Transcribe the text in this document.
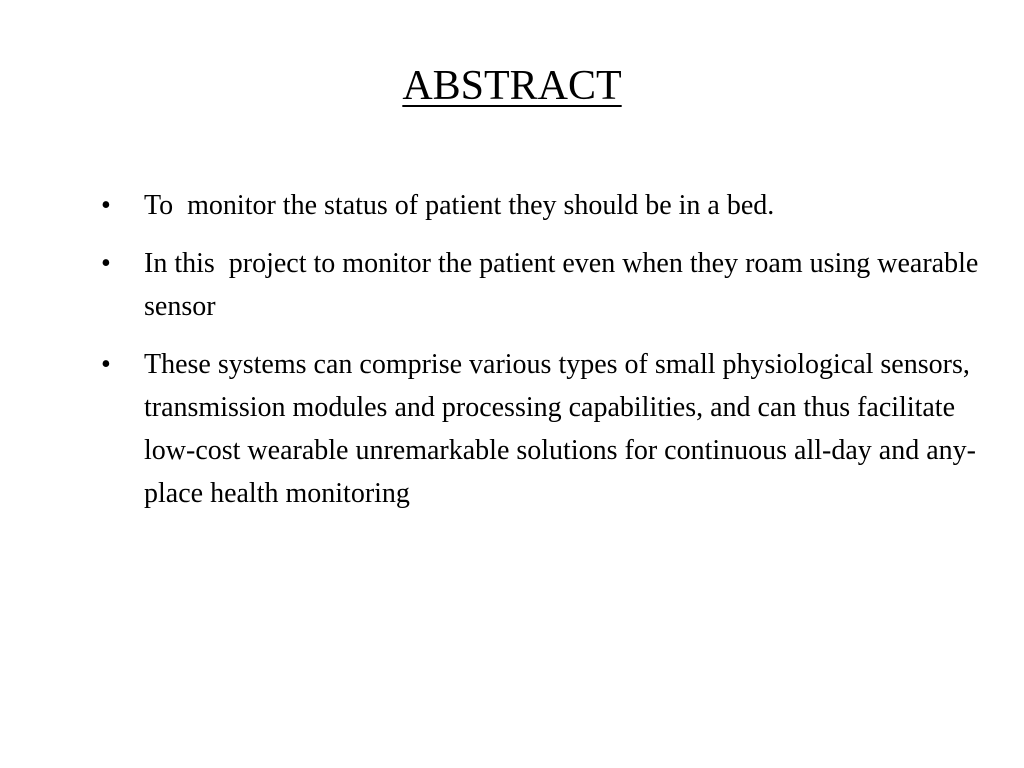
ABSTRACT
•	To  monitor the status of patient they should be in a bed.
•	In this  project to monitor the patient even when they roam using wearable sensor
•	These systems can comprise various types of small physiological sensors, transmission modules and processing capabilities, and can thus facilitate low-cost wearable unremarkable solutions for continuous all-day and any-place health monitoring
